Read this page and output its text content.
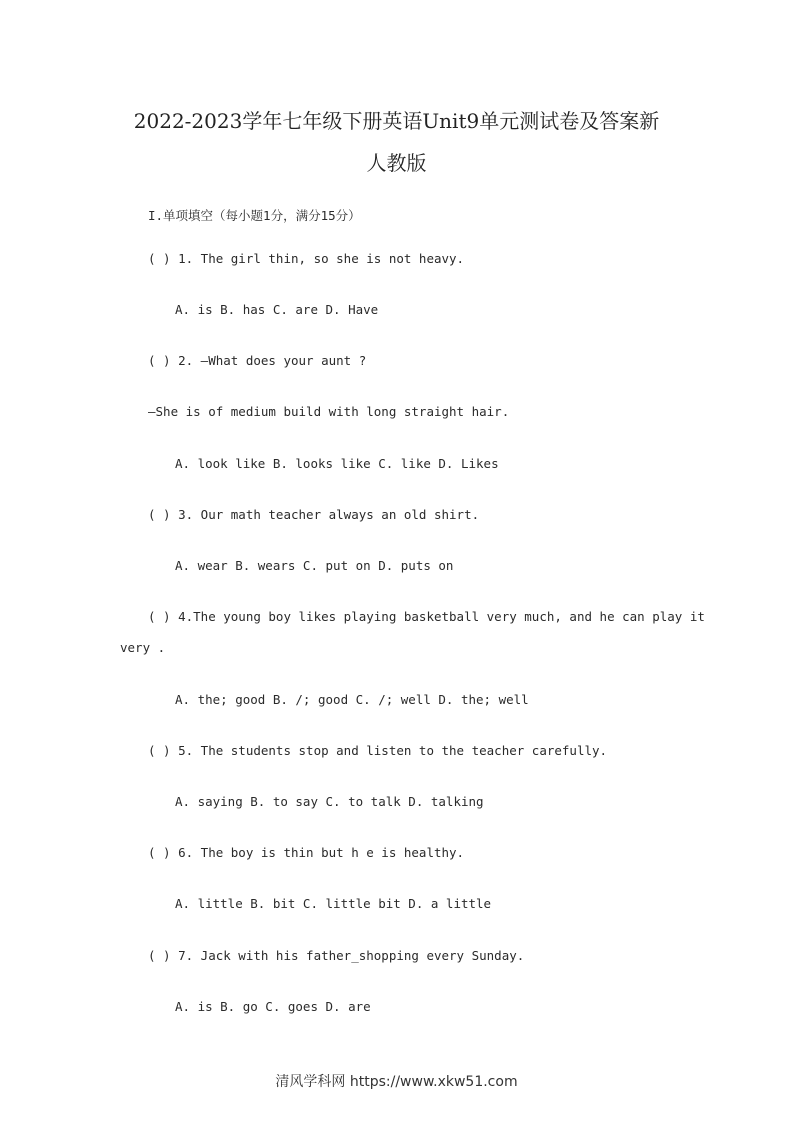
2022-2023学年七年级下册英语Unit9单元测试卷及答案新
人教版
I.单项填空（每小题1分，满分15分）
( ) 1. The girl thin, so she is not heavy.
A. is B. has C. are D. Have
( ) 2. —What does your aunt ?
—She is of medium build with long straight hair.
A. look like B. looks like C. like D. Likes
( ) 3. Our math teacher always an old shirt.
A. wear B. wears C. put on D. puts on
( ) 4.The young boy likes playing basketball very much, and he can play it
very .
A. the; good B. /; good C. /; well D. the; well
( ) 5. The students stop and listen to the teacher carefully.
A. saying B. to say C. to talk D. talking
( ) 6. The boy is thin but h e is healthy.
A. little B. bit C. little bit D. a little
( ) 7. Jack with his father_shopping every Sunday.
A. is B. go C. goes D. are
清风学科网 https://www.xkw51.com
